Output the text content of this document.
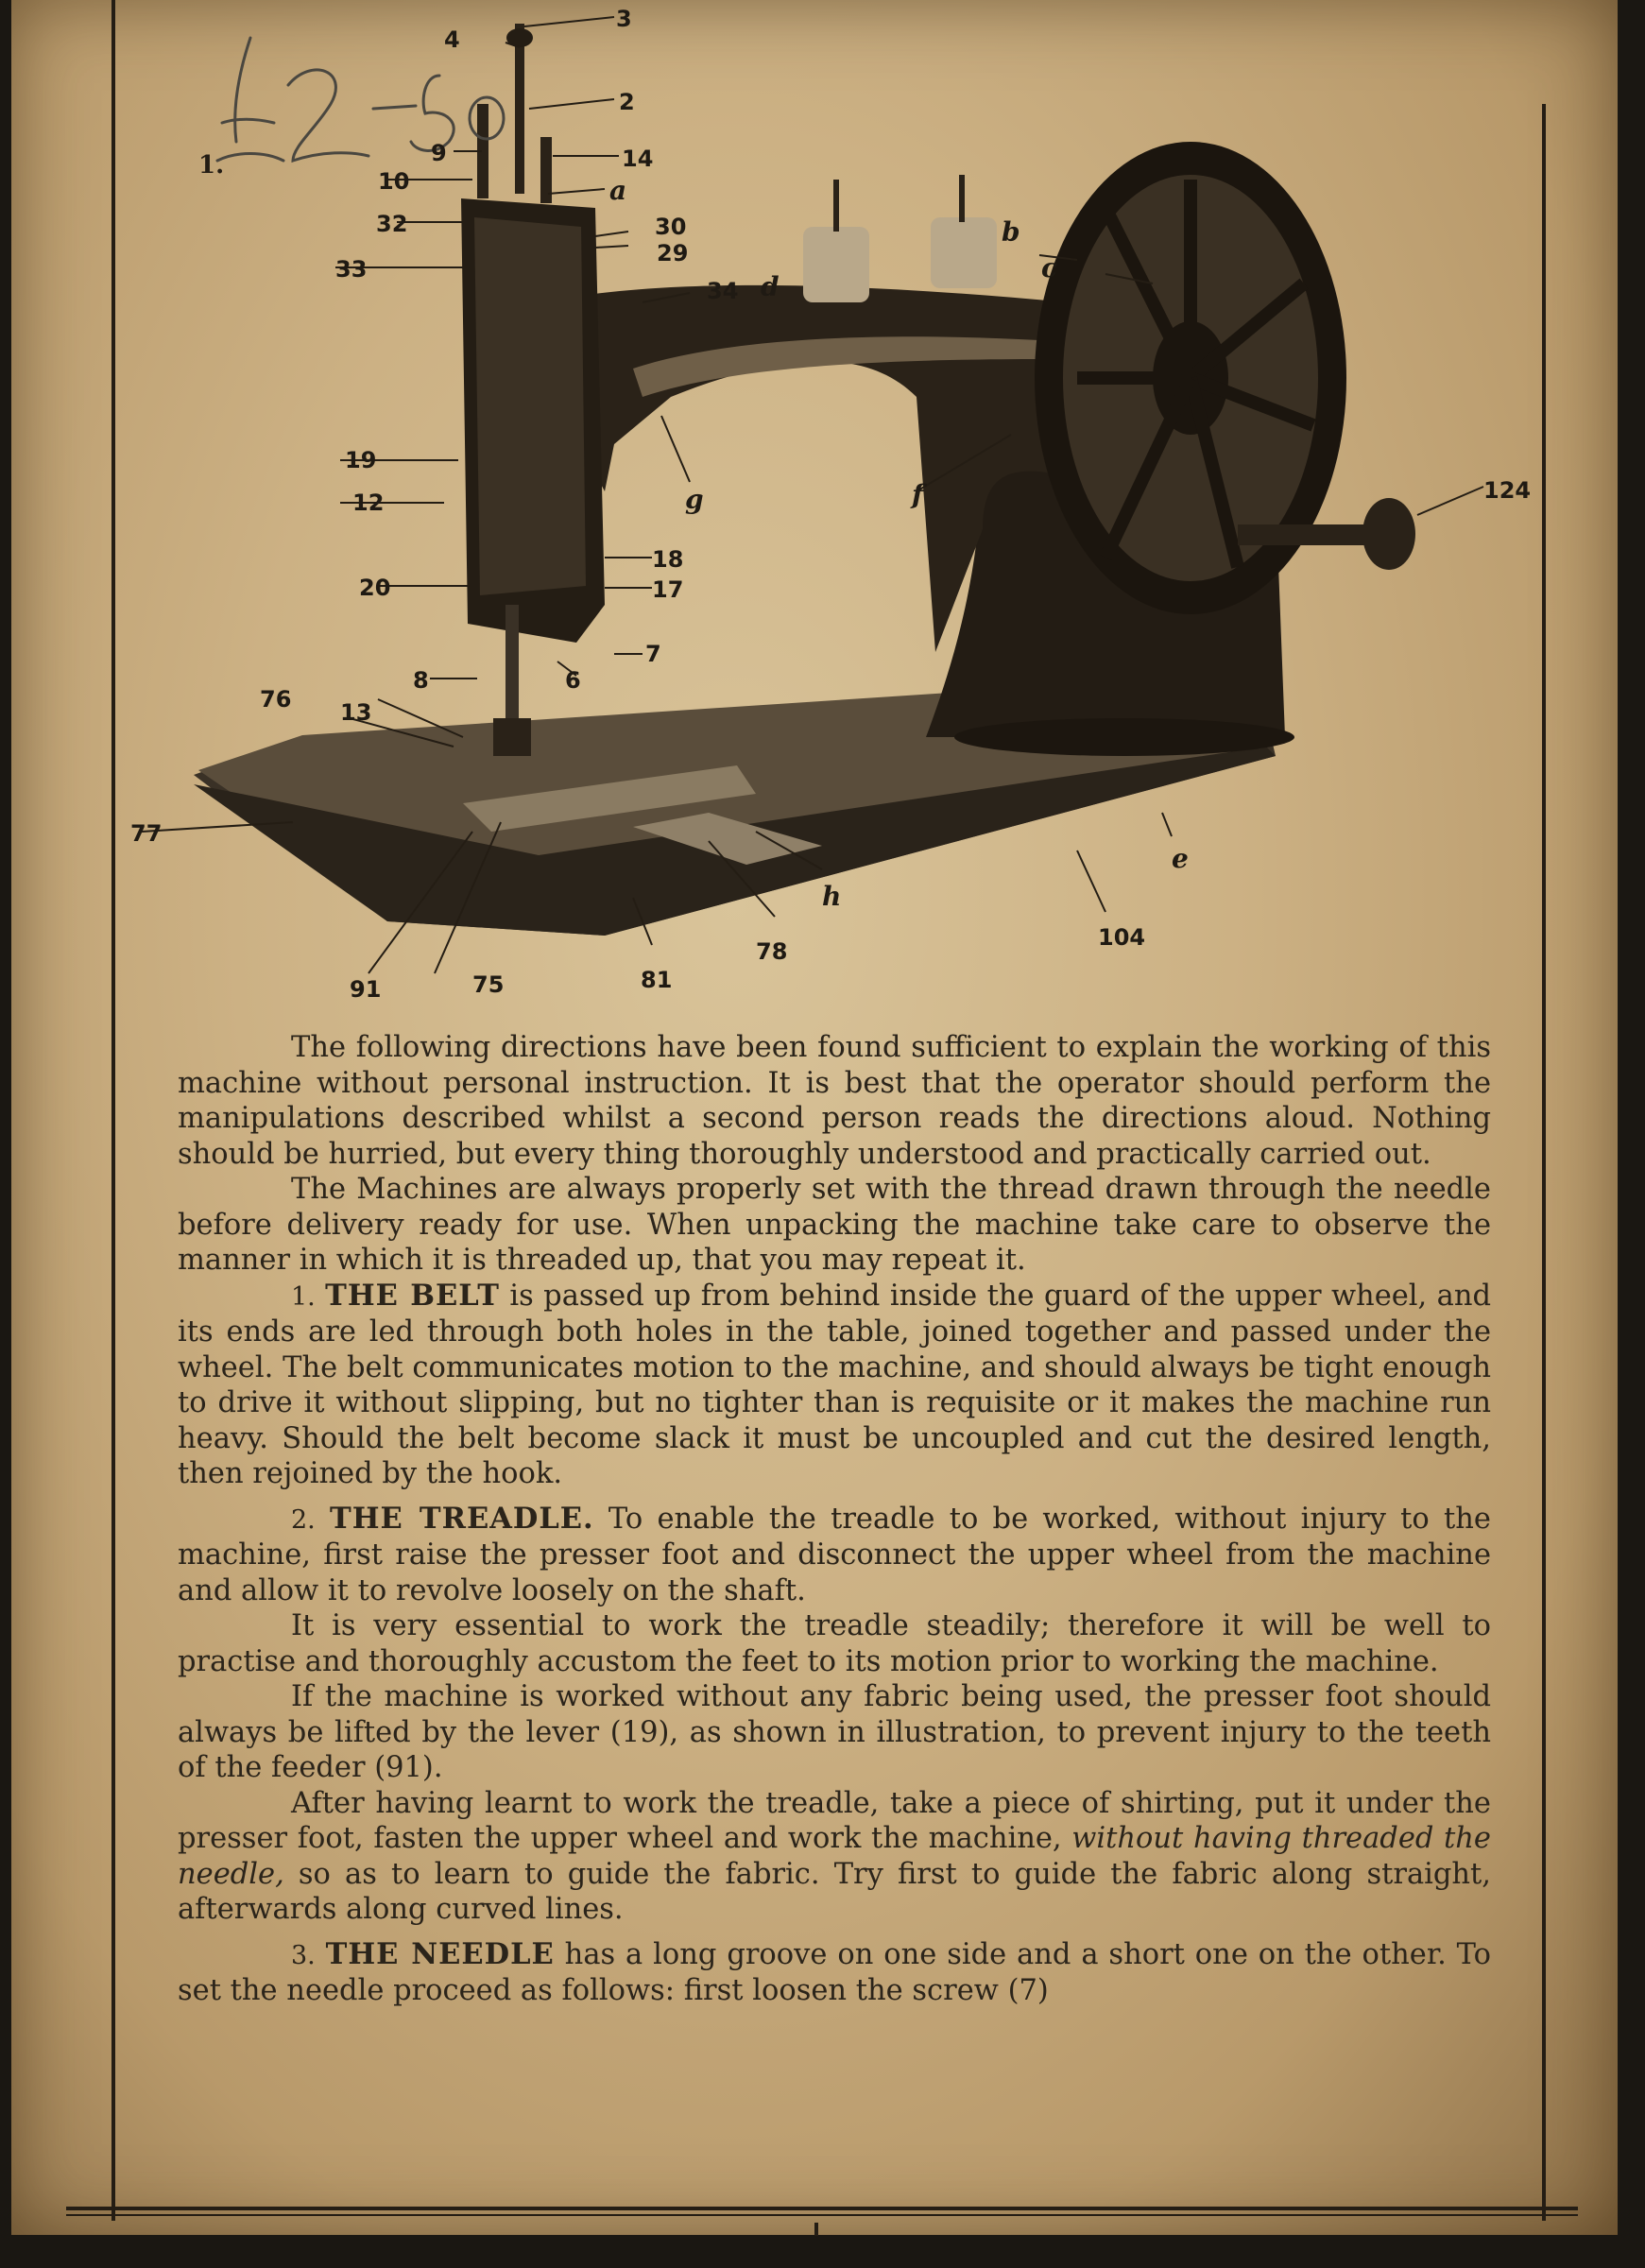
1.
4
3
2
9	14
10	a
32	30
29
33
34 d
b
c
19
12	g	f	124
18
17
20
7
8	6
76 13
77
e
h
104
78
81
91	75

The following directions have been found sufficient to explain the working of this machine without personal instruction. It is best that the operator should perform the manipulations described whilst a second person reads the directions aloud. Nothing should be hurried, but every thing thoroughly understood and practically carried out.

The Machines are always properly set with the thread drawn through the needle before delivery ready for use. When unpacking the machine take care to observe the manner in which it is threaded up, that you may repeat it.

1. THE BELT is passed up from behind inside the guard of the upper wheel, and its ends are led through both holes in the table, joined together and passed under the wheel. The belt communicates motion to the machine, and should always be tight enough to drive it without slipping, but no tighter than is requisite or it makes the machine run heavy. Should the belt become slack it must be uncoupled and cut the desired length, then rejoined by the hook.

2. THE TREADLE. To enable the treadle to be worked, without injury to the machine, first raise the presser foot and disconnect the upper wheel from the machine and allow it to revolve loosely on the shaft.

It is very essential to work the treadle steadily; therefore it will be well to practise and thoroughly accustom the feet to its motion prior to working the machine.

If the machine is worked without any fabric being used, the presser foot should always be lifted by the lever (19), as shown in illustration, to prevent injury to the teeth of the feeder (91).

After having learnt to work the treadle, take a piece of shirting, put it under the presser foot, fasten the upper wheel and work the machine, without having threaded the needle, so as to learn to guide the fabric. Try first to guide the fabric along straight, afterwards along curved lines.

3. THE NEEDLE has a long groove on one side and a short one on the other. To set the needle proceed as follows: first loosen the screw (7)
